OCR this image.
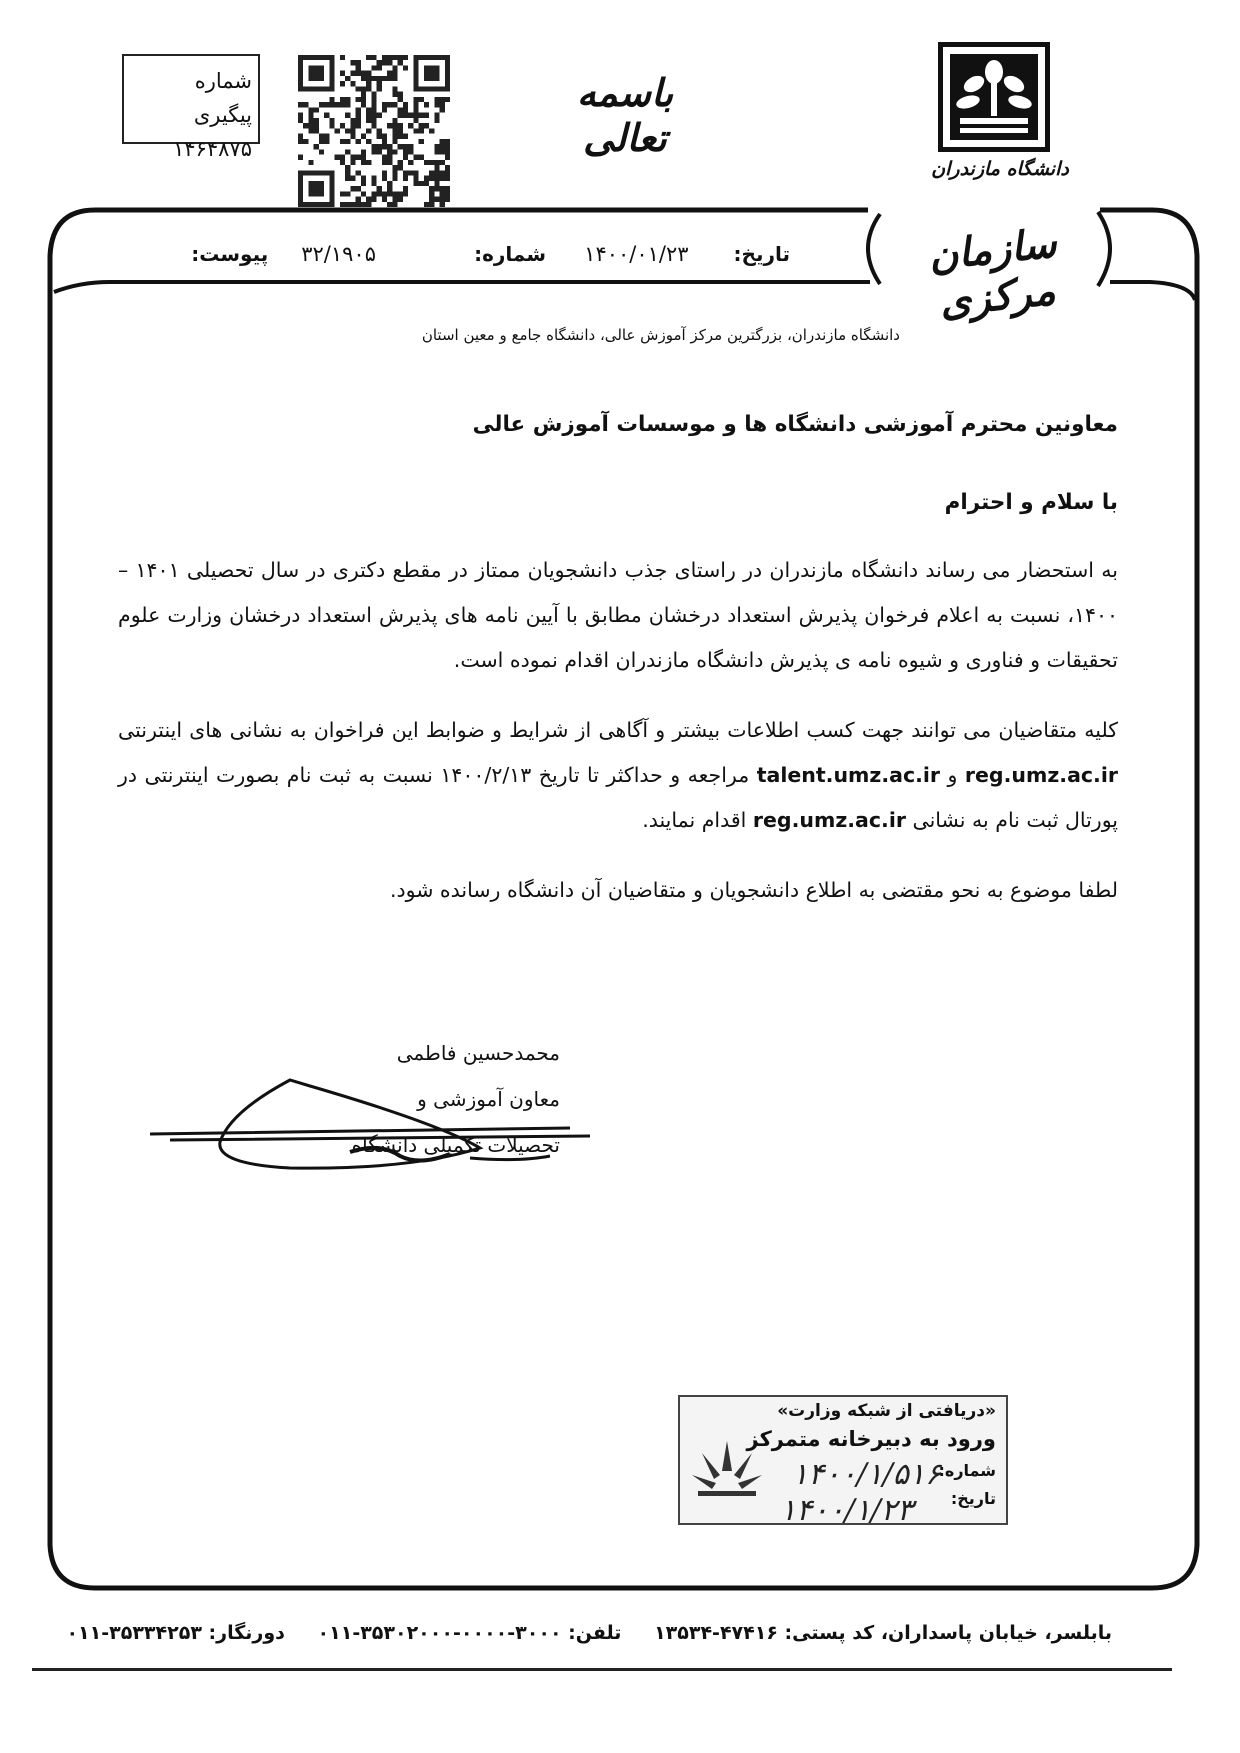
شماره پیگیری
۱۴۶۴۸۷۵
باسمه تعالی
دانشگاه مازندران
سازمان مرکزی
تاریخ: ۱۴۰۰/۰۱/۲۳
شماره:
۳۲/۱۹۰۵ پیوست:
دانشگاه مازندران، بزرگترین مرکز آموزش عالی، دانشگاه جامع و معین استان
معاونین محترم آموزشی دانشگاه ها و موسسات آموزش عالی
با سلام و احترام
به استحضار می رساند دانشگاه مازندران در راستای جذب دانشجویان ممتاز در مقطع دکتری در سال تحصیلی ۱۴۰۱ – ۱۴۰۰، نسبت به اعلام فرخوان پذیرش استعداد درخشان مطابق با آیین نامه های پذیرش استعداد درخشان وزارت علوم تحقیقات و فناوری و شیوه نامه ی پذیرش دانشگاه مازندران اقدام نموده است.
کلیه متقاضیان می توانند جهت کسب اطلاعات بیشتر و آگاهی از شرایط و ضوابط این فراخوان به نشانی های اینترنتی reg.umz.ac.ir و talent.umz.ac.ir مراجعه و حداکثر تا تاریخ ۱۴۰۰/۲/۱۳ نسبت به ثبت نام بصورت اینترنتی در پورتال ثبت نام به نشانی reg.umz.ac.ir اقدام نمایند.
لطفا موضوع به نحو مقتضی به اطلاع دانشجویان و متقاضیان آن دانشگاه رسانده شود.
محمدحسین فاطمی
معاون آموزشی و
تحصیلات تکمیلی دانشگاه
«دریافتی از شبکه وزارت»
ورود به دبیرخانه متمرکز
شماره:
تاریخ:
۱۴۰۰/۱/۵۱۶
۱۴۰۰/۱/۲۳
بابلسر، خیابان پاسداران، کد پستی: ۴۷۴۱۶-۱۳۵۳۴ تلفن: ۳۰۰۰-۰۰۰۰-۳۵۳۰۲۰۰۰-۰۱۱ دورنگار: ۳۵۳۳۴۲۵۳-۰۱۱
